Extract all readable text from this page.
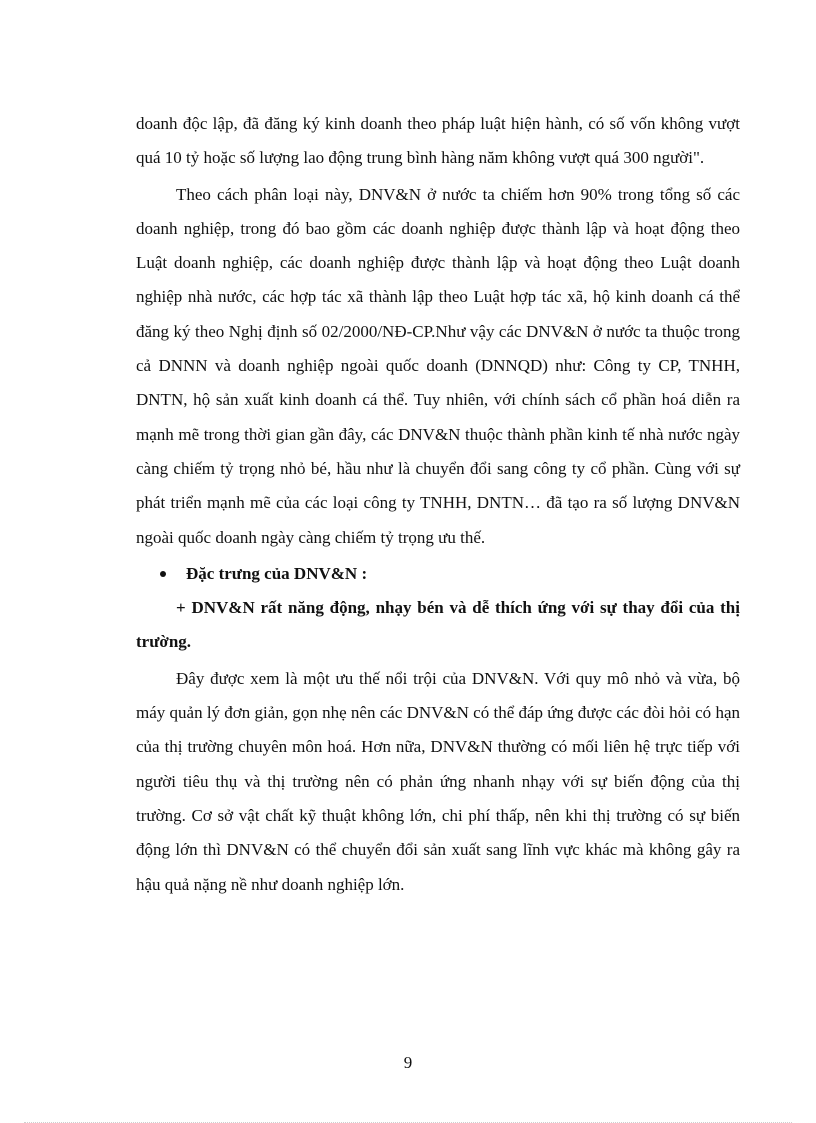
doanh độc lập, đã đăng ký kinh doanh theo pháp luật hiện hành, có số vốn không vượt quá 10 tỷ hoặc số lượng lao động trung bình hàng năm không vượt quá 300 người".

Theo cách phân loại này, DNV&N ở nước ta chiếm hơn 90% trong tổng số các doanh nghiệp, trong đó bao gồm các doanh nghiệp được thành lập và hoạt động theo Luật doanh nghiệp, các doanh nghiệp được thành lập và hoạt động theo Luật doanh nghiệp nhà nước, các hợp tác xã thành lập theo Luật hợp tác xã, hộ kinh doanh cá thể đăng ký theo Nghị định số 02/2000/NĐ-CP.Như vậy các DNV&N ở nước ta thuộc trong cả DNNN và doanh nghiệp ngoài quốc doanh (DNNQD) như: Công ty CP, TNHH, DNTN, hộ sản xuất kinh doanh cá thể. Tuy nhiên, với chính sách cổ phần hoá diễn ra mạnh mẽ trong thời gian gần đây, các DNV&N thuộc thành phần kinh tế nhà nước ngày càng chiếm tỷ trọng nhỏ bé, hầu như là chuyển đổi sang công ty cổ phần. Cùng với sự phát triển mạnh mẽ của các loại công ty TNHH, DNTN… đã tạo ra số lượng DNV&N ngoài quốc doanh ngày càng chiếm tỷ trọng ưu thế.

Đặc trưng của DNV&N :

+ DNV&N rất năng động, nhạy bén và dễ thích ứng với sự thay đổi của thị trường.

Đây được xem là một ưu thế nổi trội của DNV&N. Với quy mô nhỏ và vừa, bộ máy quản lý đơn giản, gọn nhẹ nên các DNV&N có thể đáp ứng được các đòi hỏi có hạn của thị trường chuyên môn hoá. Hơn nữa, DNV&N thường có mối liên hệ trực tiếp với người tiêu thụ và thị trường nên có phản ứng nhanh nhạy với sự biến động của thị trường. Cơ sở vật chất kỹ thuật không lớn, chi phí thấp, nên khi thị trường có sự biến động lớn thì DNV&N có thể chuyển đổi sản xuất sang lĩnh vực khác mà không gây ra hậu quả nặng nề như doanh nghiệp lớn.

9
